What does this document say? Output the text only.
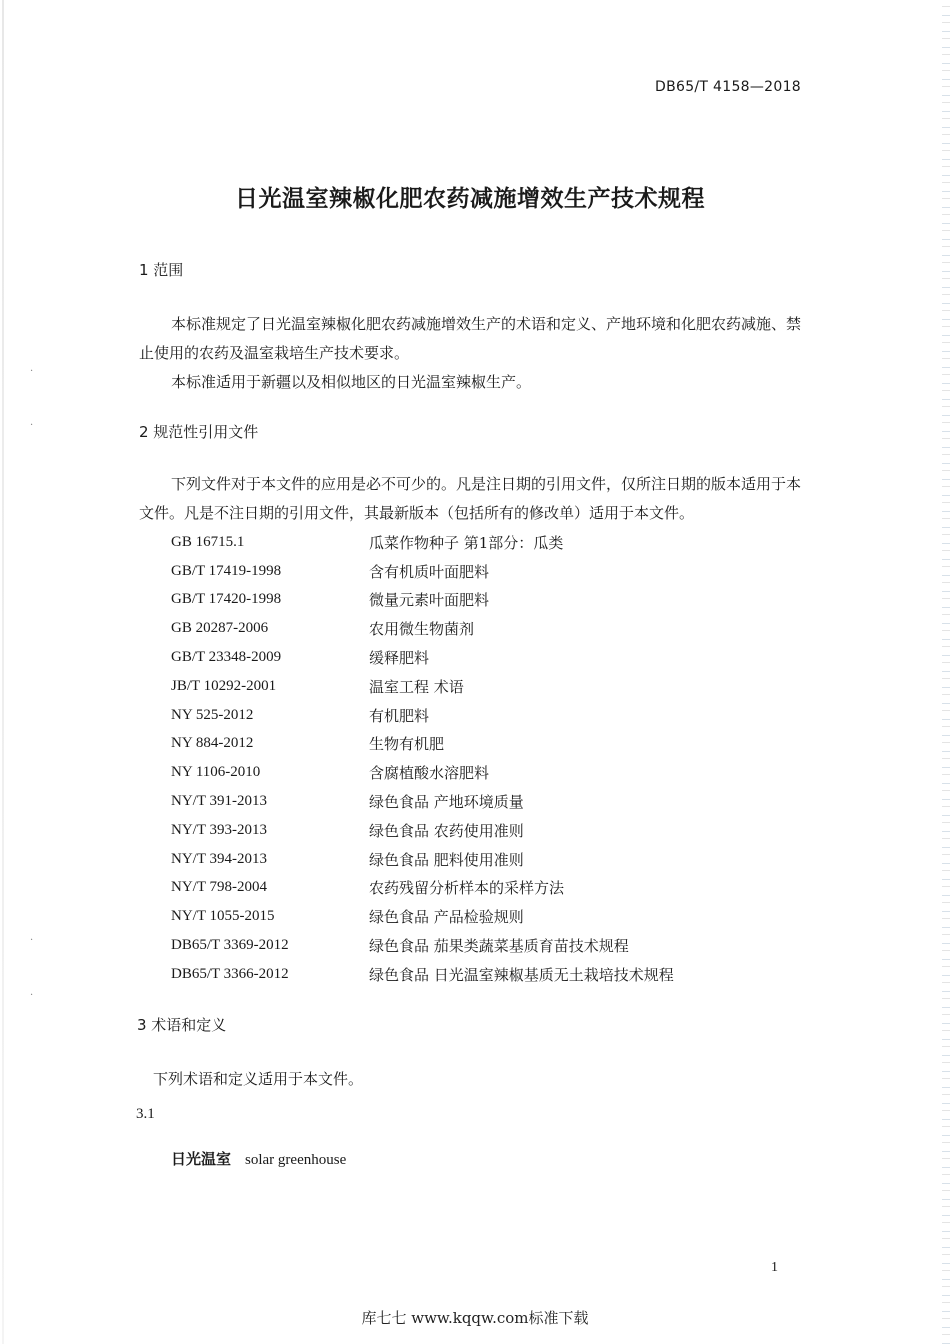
·
·
·
·
DB65/T 4158—2018
日光温室辣椒化肥农药减施增效生产技术规程
1 范围
本标准规定了日光温室辣椒化肥农药减施增效生产的术语和定义、产地环境和化肥农药减施、禁止使用的农药及温室栽培生产技术要求。
本标准适用于新疆以及相似地区的日光温室辣椒生产。
2 规范性引用文件
下列文件对于本文件的应用是必不可少的。凡是注日期的引用文件，仅所注日期的版本适用于本文件。凡是不注日期的引用文件，其最新版本（包括所有的修改单）适用于本文件。
GB 16715.1	瓜菜作物种子 第1部分：瓜类
GB/T 17419-1998	含有机质叶面肥料
GB/T 17420-1998	微量元素叶面肥料
GB 20287-2006	农用微生物菌剂
GB/T 23348-2009	缓释肥料
JB/T 10292-2001	温室工程 术语
NY 525-2012	有机肥料
NY 884-2012	生物有机肥
NY 1106-2010	含腐植酸水溶肥料
NY/T 391-2013	绿色食品 产地环境质量
NY/T 393-2013	绿色食品 农药使用准则
NY/T 394-2013	绿色食品 肥料使用准则
NY/T 798-2004	农药残留分析样本的采样方法
NY/T 1055-2015	绿色食品 产品检验规则
DB65/T 3369-2012	绿色食品 茄果类蔬菜基质育苗技术规程
DB65/T 3366-2012	绿色食品 日光温室辣椒基质无土栽培技术规程
3 术语和定义
下列术语和定义适用于本文件。
3.1
日光温室 solar greenhouse
1
库七七 www.kqqw.com标准下载
